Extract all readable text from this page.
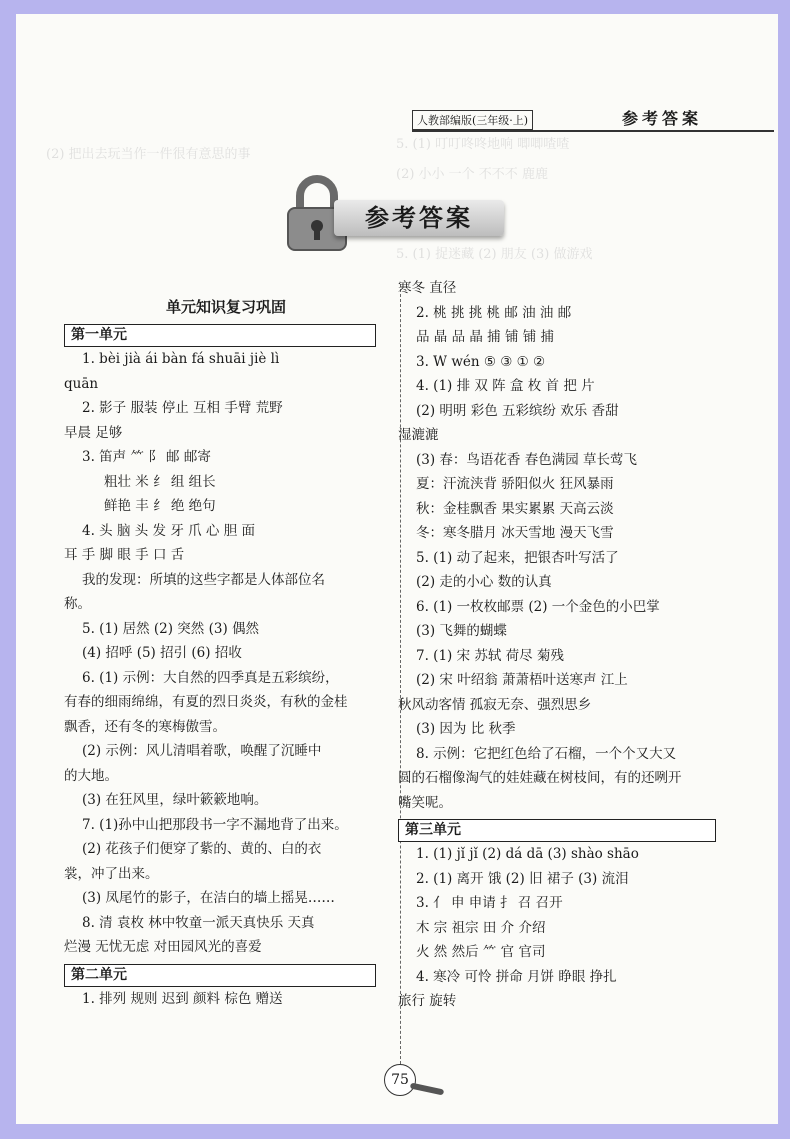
5. (1) 叮叮咚咚地响 唧唧喳喳
(2) 把出去玩当作一件很有意思的事
(2) 小小 一个 不不不 鹿鹿
5. (1) 捉迷藏 (2) 朋友 (3) 做游戏
人教部编版(三年级·上)	参考答案
参考答案
单元知识复习巩固
第一单元
1. bèi jià ái bàn fá shuāi jiè lì
quān
2. 影子 服装 停止 互相 手臂 荒野
早晨 足够
3. 笛声 ⺮ 阝 邮 邮寄
粗壮 米 纟 组 组长
鲜艳 丰 纟 绝 绝句
4. 头 脑 头 发 牙 爪 心 胆 面
耳 手 脚 眼 手 口 舌
我的发现：所填的这些字都是人体部位名
称。
5. (1) 居然 (2) 突然 (3) 偶然
(4) 招呼 (5) 招引 (6) 招收
6. (1) 示例：大自然的四季真是五彩缤纷，
有春的细雨绵绵，有夏的烈日炎炎，有秋的金桂
飘香，还有冬的寒梅傲雪。
(2) 示例：风儿清唱着歌，唤醒了沉睡中
的大地。
(3) 在狂风里，绿叶簌簌地响。
7. (1)孙中山把那段书一字不漏地背了出来。
(2) 花孩子们便穿了紫的、黄的、白的衣
裳，冲了出来。
(3) 凤尾竹的影子，在洁白的墙上摇晃……
8. 清 袁枚 林中牧童一派天真快乐 天真
烂漫 无忧无虑 对田园风光的喜爱
第二单元
1. 排列 规则 迟到 颜料 棕色 赠送
寒冬 直径
2. 桃 挑 挑 桃 邮 油 油 邮
品 晶 品 晶 捕 铺 铺 捕
3. W wén ⑤ ③ ① ②
4. (1) 排 双 阵 盒 枚 首 把 片
(2) 明明 彩色 五彩缤纷 欢乐 香甜
湿漉漉
(3) 春：鸟语花香 春色满园 草长莺飞
夏：汗流浃背 骄阳似火 狂风暴雨
秋：金桂飘香 果实累累 天高云淡
冬：寒冬腊月 冰天雪地 漫天飞雪
5. (1) 动了起来，把银杏叶写活了
(2) 走的小心 数的认真
6. (1) 一枚枚邮票 (2) 一个金色的小巴掌
(3) 飞舞的蝴蝶
7. (1) 宋 苏轼 荷尽 菊残
(2) 宋 叶绍翁 萧萧梧叶送寒声 江上
秋风动客情 孤寂无奈、强烈思乡
(3) 因为 比 秋季
8. 示例：它把红色给了石榴，一个个又大又
圆的石榴像淘气的娃娃藏在树枝间，有的还咧开
嘴笑呢。
第三单元
1. (1) jǐ jǐ (2) dá dā (3) shào shāo
2. (1) 离开 饿 (2) 旧 裙子 (3) 流泪
3. 亻 申 申请 扌 召 召开
木 宗 祖宗 田 介 介绍
火 然 然后 ⺮ 官 官司
4. 寒冷 可怜 拼命 月饼 睁眼 挣扎
旅行 旋转
75
